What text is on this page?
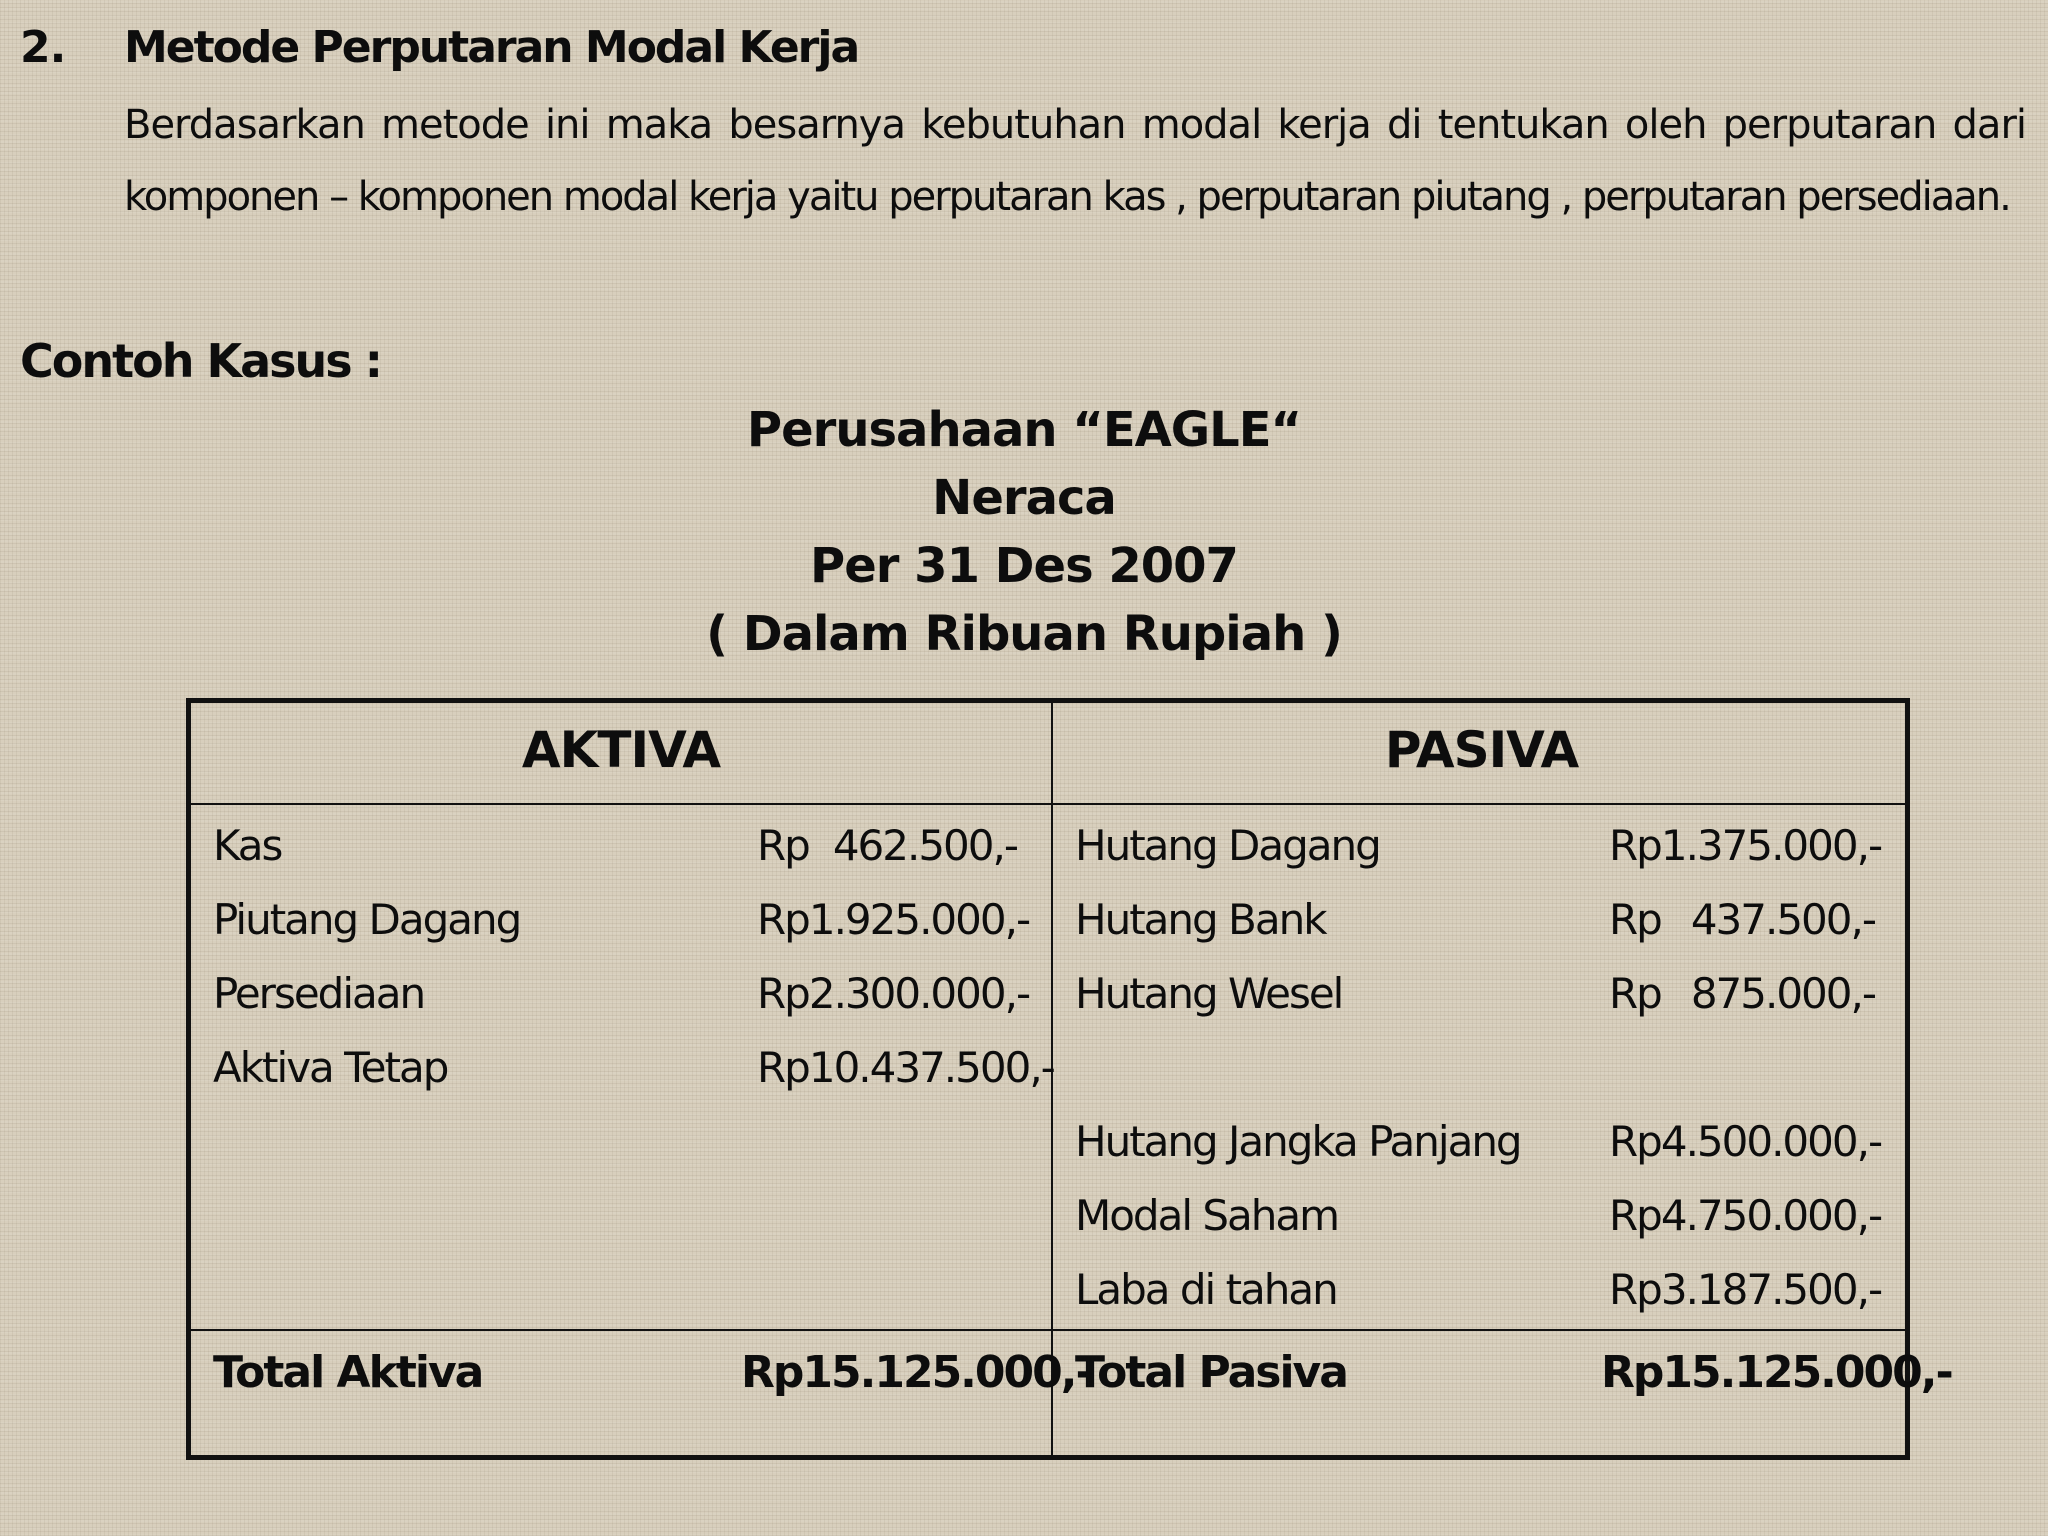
2. Metode Perputaran Modal Kerja
Berdasarkan metode ini maka besarnya kebutuhan modal kerja di tentukan oleh perputaran dari
komponen – komponen modal kerja yaitu perputaran kas , perputaran piutang , perputaran persediaan.
Contoh Kasus :
Perusahaan “EAGLE“
Neraca
Per 31 Des 2007
( Dalam Ribuan Rupiah )
AKTIVA	PASIVA
Kas	Rp 462.500,-
Piutang Dagang	Rp 1.925.000,-
Persediaan	Rp 2.300.000,-
Aktiva Tetap	Rp 10.437.500,-
Hutang Dagang	Rp 1.375.000,-
Hutang Bank	Rp 437.500,-
Hutang Wesel	Rp 875.000,-
Hutang Jangka Panjang Rp 4.500.000,-
Modal Saham	Rp 4.750.000,-
Laba di tahan	Rp 3.187.500,-
Total Aktiva	Rp 15.125.000,-
Total Pasiva	Rp 15.125.000,-
